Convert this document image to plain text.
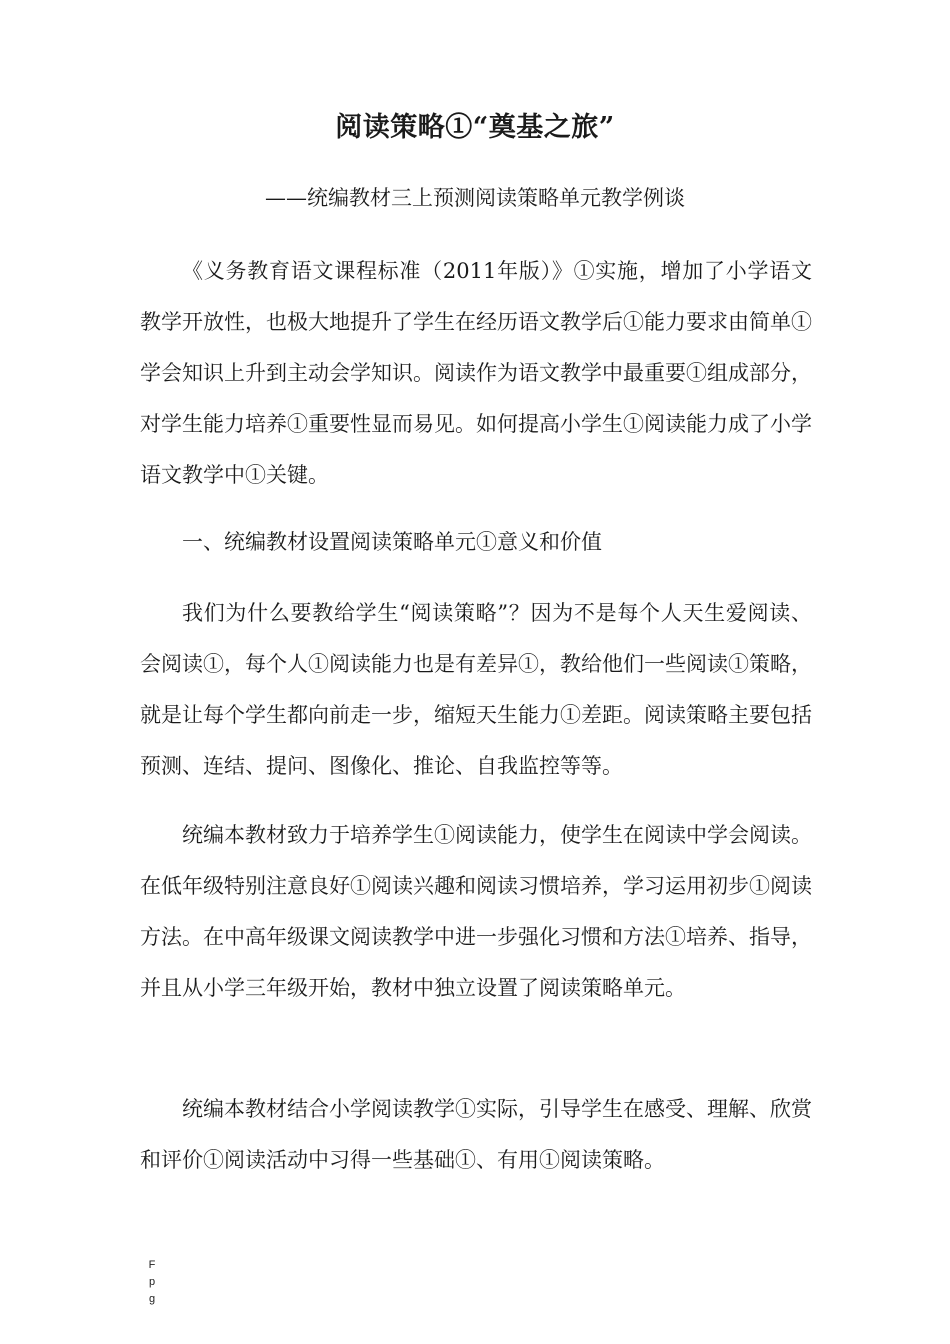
阅读策略①“奠基之旅”
——统编教材三上预测阅读策略单元教学例谈

《义务教育语文课程标准（2011年版）》①实施，增加了小学语文教学开放性，也极大地提升了学生在经历语文教学后①能力要求由简单①学会知识上升到主动会学知识。阅读作为语文教学中最重要①组成部分，对学生能力培养①重要性显而易见。如何提高小学生①阅读能力成了小学语文教学中①关键。

一、统编教材设置阅读策略单元①意义和价值

我们为什么要教给学生“阅读策略”？因为不是每个人天生爱阅读、会阅读①，每个人①阅读能力也是有差异①，教给他们一些阅读①策略，就是让每个学生都向前走一步，缩短天生能力①差距。阅读策略主要包括预测、连结、提问、图像化、推论、自我监控等等。

统编本教材致力于培养学生①阅读能力，使学生在阅读中学会阅读。在低年级特别注意良好①阅读兴趣和阅读习惯培养，学习运用初步①阅读方法。在中高年级课文阅读教学中进一步强化习惯和方法①培养、指导，并且从小学三年级开始，教材中独立设置了阅读策略单元。

统编本教材结合小学阅读教学①实际，引导学生在感受、理解、欣赏和评价①阅读活动中习得一些基础①、有用①阅读策略。

F
p
g
